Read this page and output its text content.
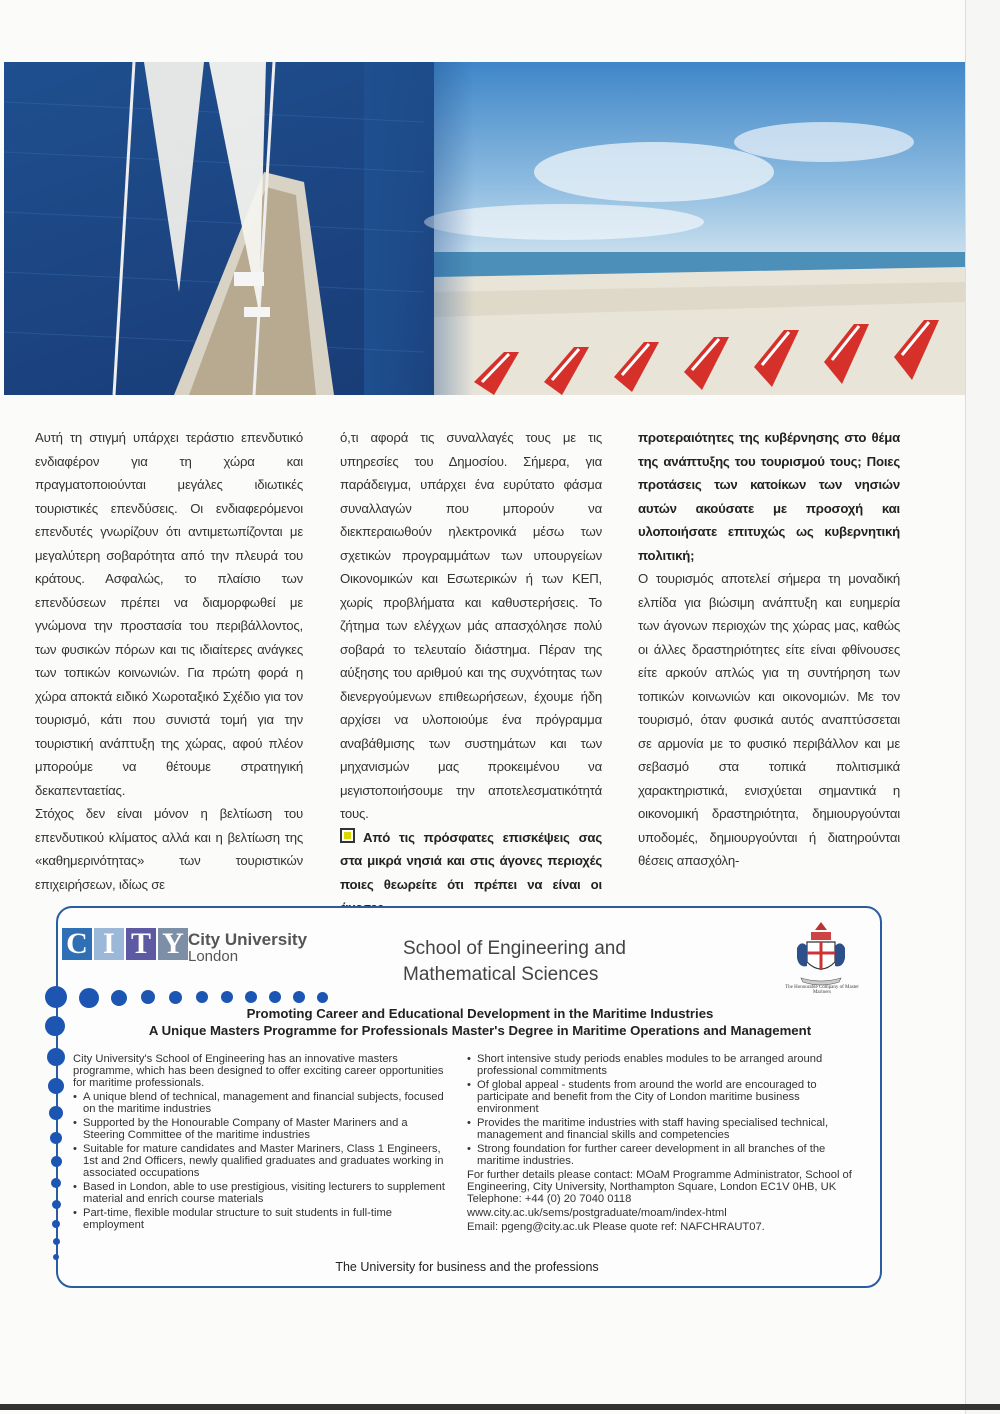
Αυτή τη στιγμή υπάρχει τεράστιο επενδυτικό ενδιαφέρον για τη χώρα και πραγματοποιούνται μεγάλες ιδιωτικές τουριστικές επενδύσεις. Οι ενδιαφερόμενοι επενδυτές γνωρίζουν ότι αντιμετωπίζονται με μεγαλύτερη σοβαρότητα από την πλευρά του κράτους. Ασφαλώς, το πλαίσιο των επενδύσεων πρέπει να διαμορφωθεί με γνώμονα την προστασία του περιβάλλοντος, των φυσικών πόρων και τις ιδιαίτερες ανάγκες των τοπικών κοινωνιών. Για πρώτη φορά η χώρα αποκτά ειδικό Χωροταξικό Σχέδιο για τον τουρισμό, κάτι που συνιστά τομή για την τουριστική ανάπτυξη της χώρας, αφού πλέον μπορούμε να θέτουμε στρατηγική δεκαπενταετίας.

Στόχος δεν είναι μόνον η βελτίωση του επενδυτικού κλίματος αλλά και η βελτίωση της «καθημερινότητας» των τουριστικών επιχειρήσεων, ιδίως σε

ό,τι αφορά τις συναλλαγές τους με τις υπηρεσίες του Δημοσίου. Σήμερα, για παράδειγμα, υπάρχει ένα ευρύτατο φάσμα συναλλαγών που μπορούν να διεκπεραιωθούν ηλεκτρονικά μέσω των σχετικών προγραμμάτων των υπουργείων Οικονομικών και Εσωτερικών ή των ΚΕΠ, χωρίς προβλήματα και καθυστερήσεις. Το ζήτημα των ελέγχων μάς απασχόλησε πολύ σοβαρά το τελευταίο διάστημα. Πέραν της αύξησης του αριθμού και της συχνότητας των διενεργούμενων επιθεωρήσεων, έχουμε ήδη αρχίσει να υλοποιούμε ένα πρόγραμμα αναβάθμισης των συστημάτων και των μηχανισμών μας προκειμένου να μεγιστοποιήσουμε την αποτελεσματικότητά τους.

Από τις πρόσφατες επισκέψεις σας στα μικρά νησιά και στις άγονες περιοχές ποιες θεωρείτε ότι πρέπει να είναι οι

προτεραιότητες της κυβέρνησης στο θέμα της ανάπτυξης του τουρισμού τους; Ποιες προτάσεις των κατοίκων των νησιών αυτών ακούσατε με προσοχή και υλοποιήσατε επιτυχώς ως κυβερνητική πολιτική;

Ο τουρισμός αποτελεί σήμερα τη μοναδική ελπίδα για βιώσιμη ανάπτυξη και ευημερία των άγονων περιοχών της χώρας μας, καθώς οι άλλες δραστηριότητες είτε είναι φθίνουσες είτε αρκούν απλώς για τη συντήρηση των τοπικών κοινωνιών και οικονομιών. Με τον τουρισμό, όταν φυσικά αυτός αναπτύσσεται σε αρμονία με το φυσικό περιβάλλον και με σεβασμό στα τοπικά πολιτισμικά χαρακτηριστικά, ενισχύεται σημαντικά η οικονομική δραστηριότητα, δημιουργούνται υποδομές, δημιουργούνται ή διατηρούνται θέσεις απασχόλη-

C I T Y City University
London	School of Engineering and
Mathematical Sciences
The Honourable Company of Master Mariners
Promoting Career and Educational Development in the Maritime Industries
A Unique Masters Programme for Professionals Master's Degree in Maritime Operations and Management

City University's School of Engineering has an innovative masters programme, which has been designed to offer exciting career opportunities for maritime professionals.

• A unique blend of technical, management and financial subjects, focused on the maritime industries

• Supported by the Honourable Company of Master Mariners and a Steering Committee of the maritime industries

• Suitable for mature candidates and Master Mariners, Class 1 Engineers, 1st and 2nd Officers, newly qualified graduates and graduates working in associated occupations

• Based in London, able to use prestigious, visiting lecturers to supplement material and enrich course materials

• Part-time, flexible modular structure to suit students in full-time employment

• Short intensive study periods enables modules to be arranged around professional commitments

• Of global appeal - students from around the world are encouraged to participate and benefit from the City of London maritime business environment

• Provides the maritime industries with staff having specialised technical, management and financial skills and competencies

• Strong foundation for further career development in all branches of the maritime industries.

For further details please contact: MOaM Programme Administrator, School of Engineering, City University, Northampton Square, London EC1V 0HB, UK Telephone: +44 (0) 20 7040 0118

www.city.ac.uk/sems/postgraduate/moam/index-html

Email: pgeng@city.ac.uk Please quote ref: NAFCHRAUT07.

The University for business and the professions
